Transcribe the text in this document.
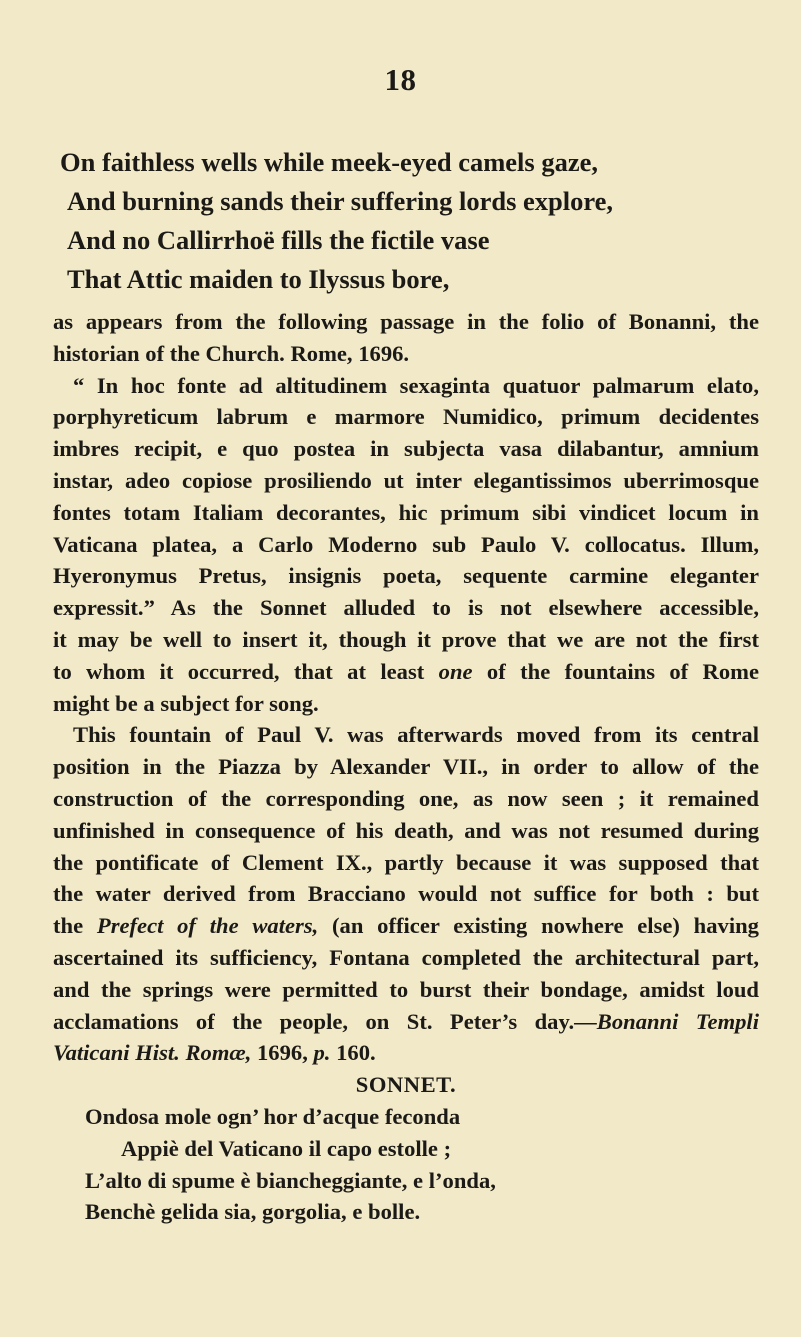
18
On faithless wells while meek-eyed camels gaze,
And burning sands their suffering lords explore,
And no Callirrhoë fills the fictile vase
That Attic maiden to Ilyssus bore,
as appears from the following passage in the folio of Bonanni, the
historian of the Church. Rome, 1696.
“ In hoc fonte ad altitudinem sexaginta quatuor palmarum elato,
porphyreticum labrum e marmore Numidico, primum decidentes
imbres recipit, e quo postea in subjecta vasa dilabantur, amnium
instar, adeo copiose prosiliendo ut inter elegantissimos uberrimosque
fontes totam Italiam decorantes, hic primum sibi vindicet locum in
Vaticana platea, a Carlo Moderno sub Paulo V. collocatus. Illum,
Hyeronymus Pretus, insignis poeta, sequente carmine eleganter
expressit.” As the Sonnet alluded to is not elsewhere accessible,
it may be well to insert it, though it prove that we are not the first
to whom it occurred, that at least one of the fountains of Rome
might be a subject for song.
This fountain of Paul V. was afterwards moved from its central
position in the Piazza by Alexander VII., in order to allow of the
construction of the corresponding one, as now seen ; it remained
unfinished in consequence of his death, and was not resumed during
the pontificate of Clement IX., partly because it was supposed that
the water derived from Bracciano would not suffice for both : but
the Prefect of the waters, (an officer existing nowhere else) having
ascertained its sufficiency, Fontana completed the architectural part,
and the springs were permitted to burst their bondage, amidst loud
acclamations of the people, on St. Peter’s day.—Bonanni Templi
Vaticani Hist. Romæ, 1696, p. 160.
SONNET.
Ondosa mole ogn’ hor d’acque feconda
Appiè del Vaticano il capo estolle ;
L’alto di spume è biancheggiante, e l’onda,
Benchè gelida sia, gorgolia, e bolle.
